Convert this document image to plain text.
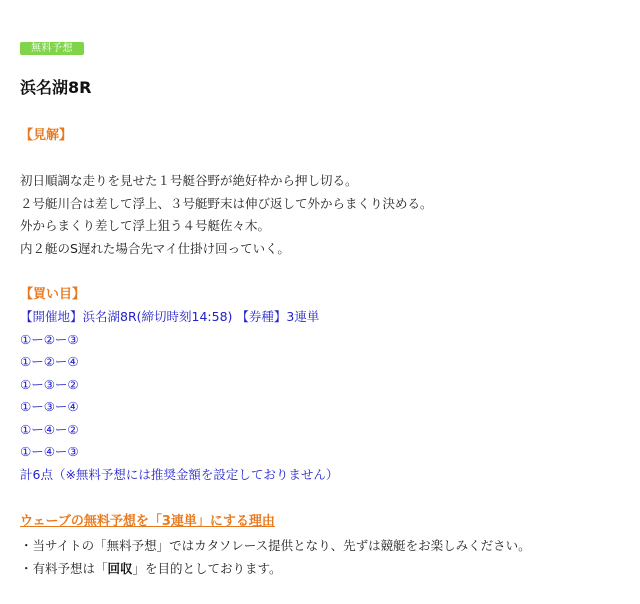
無料予想
浜名湖8R
【見解】
初日順調な走りを見せた１号艇谷野が絶好枠から押し切る。
２号艇川合は差して浮上、３号艇野末は伸び返して外からまくり決める。
外からまくり差して浮上狙う４号艇佐々木。
内２艇のS遅れた場合先マイ仕掛け回っていく。
【買い目】
【開催地】浜名湖8R(締切時刻14:58) 【券種】3連単
①ー②ー③
①ー②ー④
①ー③ー②
①ー③ー④
①ー④ー②
①ー④ー③
計6点（※無料予想には推奨金額を設定しておりません）
ウェーブの無料予想を「3連単」にする理由
・当サイトの「無料予想」ではカタソレース提供となり、先ずは競艇をお楽しみください。
・有料予想は「回収」を目的としております。
